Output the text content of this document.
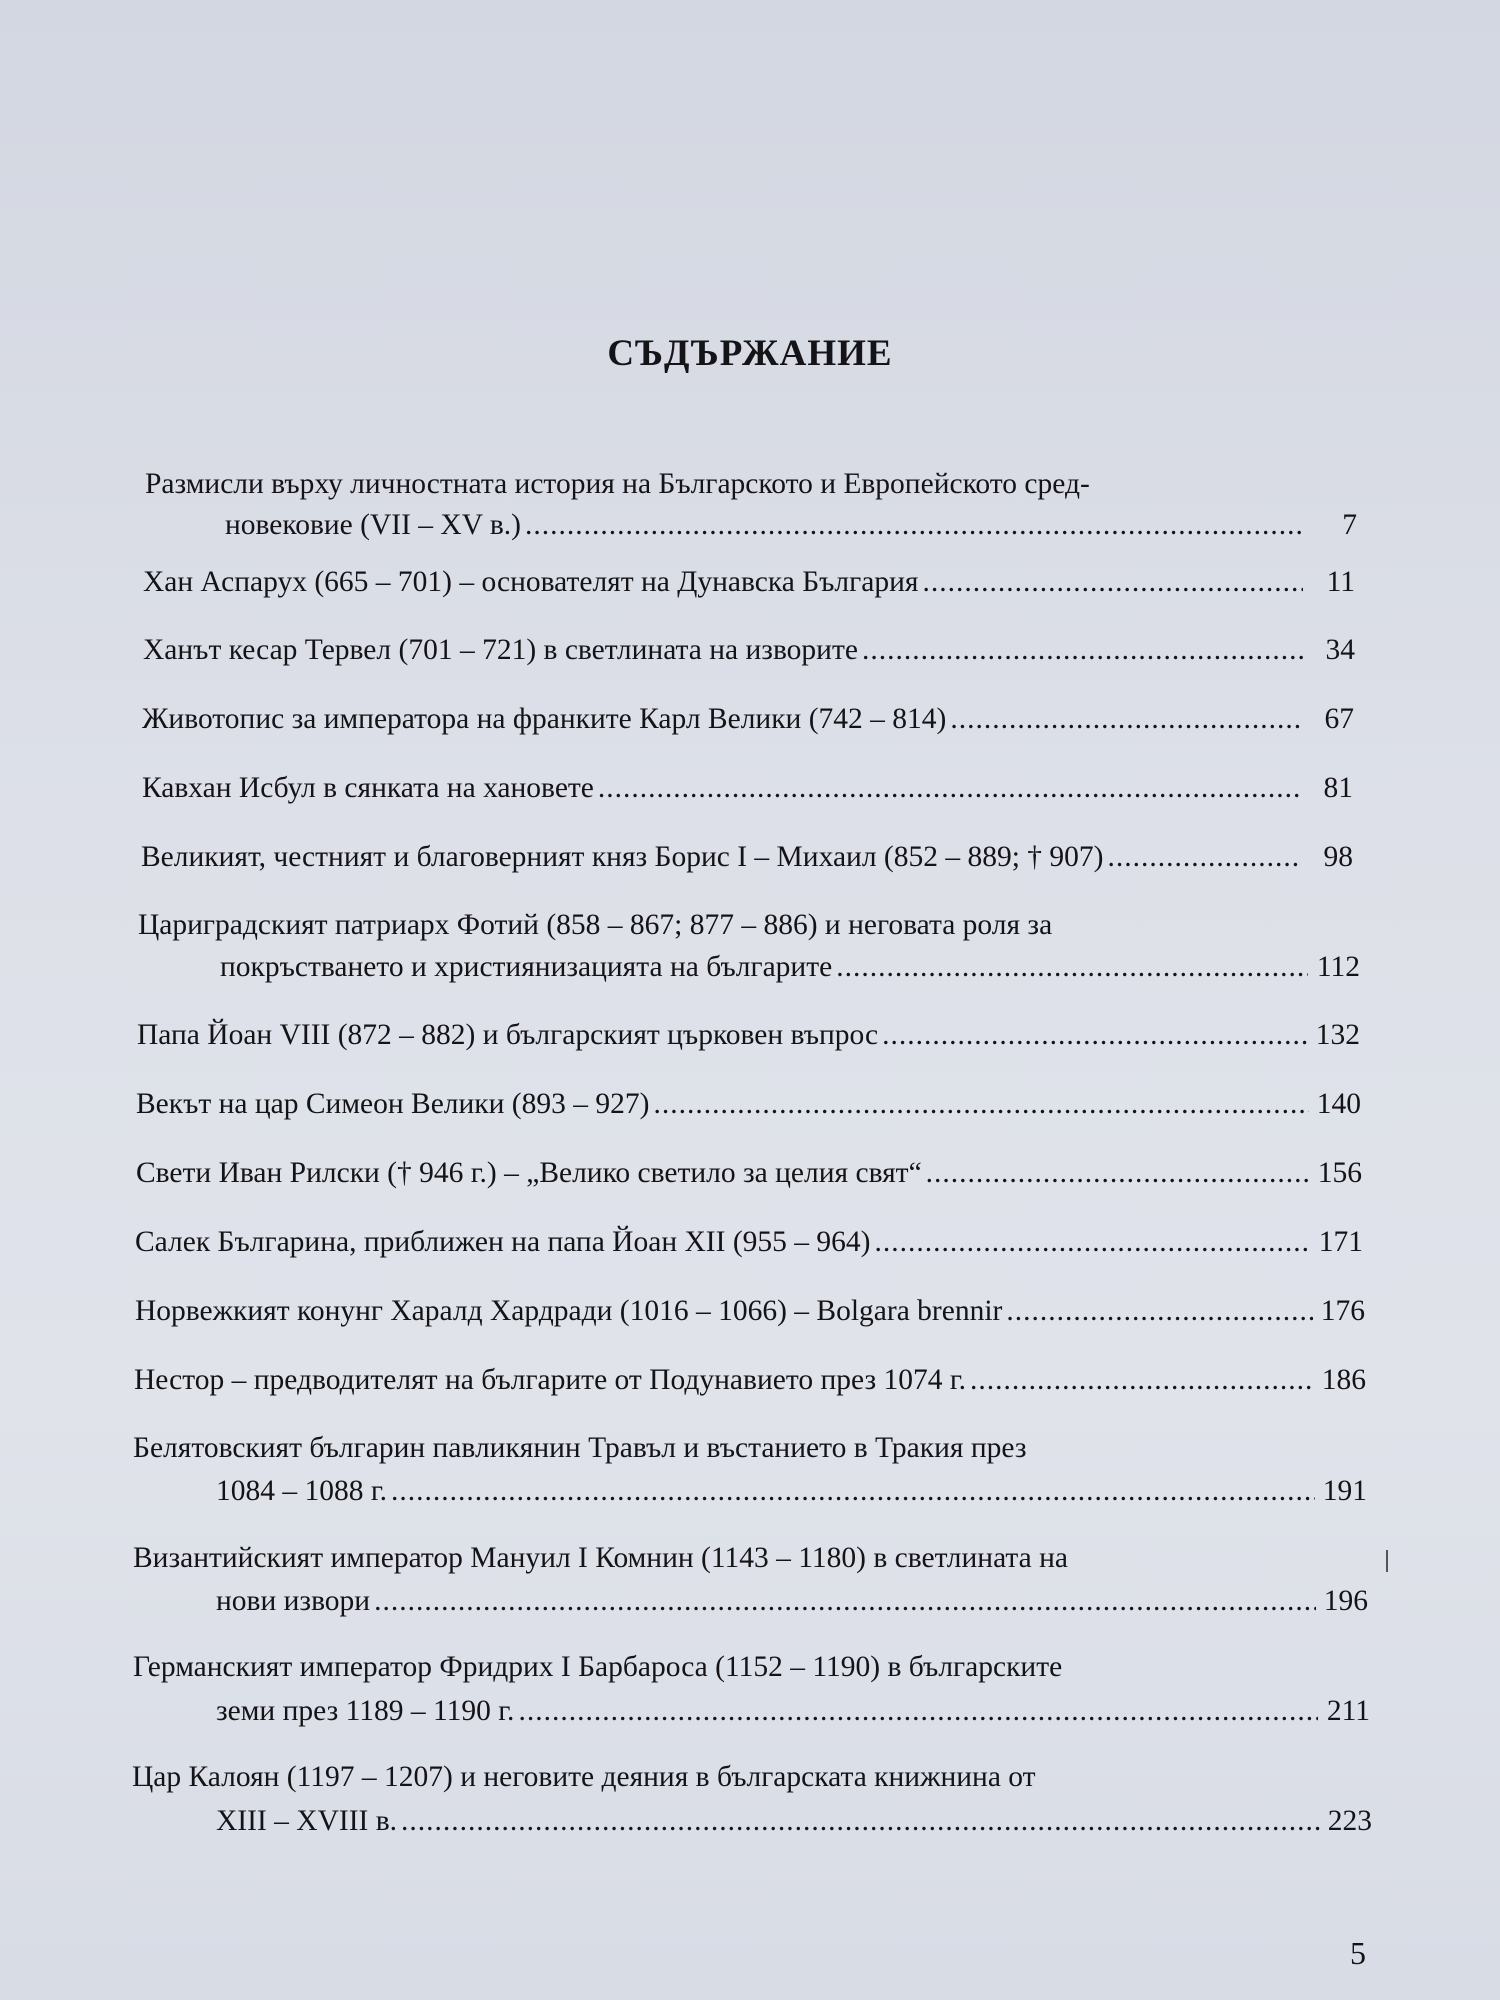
СЪДЪРЖАНИЕ
Размисли върху личностната история на Българското и Европейското сред-
новековие (VII – XV в.) .....	7
Хан Аспарух (665 – 701) – основателят на Дунавска България .....	11
Ханът кесар Тервел (701 – 721) в светлината на изворите .....	34
Животопис за императора на франките Карл Велики (742 – 814) .....	67
Кавхан Исбул в сянката на хановете .....	81
Великият, честният и благоверният княз Борис I – Михаил (852 – 889; † 907) .....	98
Цариградският патриарх Фотий (858 – 867; 877 – 886) и неговата роля за
покръстването и християнизацията на българите .....	112
Папа Йоан VIII (872 – 882) и българският църковен въпрос .....	132
Векът на цар Симеон Велики (893 – 927) .....	140
Свети Иван Рилски († 946 г.) – „Велико светило за целия свят“ .....	156
Салек Българина, приближен на папа Йоан XII (955 – 964) .....	171
Норвежкият конунг Харалд Хардради (1016 – 1066) – Bolgara brennir .....	176
Нестор – предводителят на българите от Подунавието през 1074 г. .....	186
Белятовският българин павликянин Травъл и въстанието в Тракия през
1084 – 1088 г. .....	191
Византийският император Мануил I Комнин (1143 – 1180) в светлината на
нови извори .....	196
Германският император Фридрих I Барбароса (1152 – 1190) в българските
земи през 1189 – 1190 г. .....	211
Цар Калоян (1197 – 1207) и неговите деяния в българската книжнина от
XIII – XVIII в. .....	223
5
